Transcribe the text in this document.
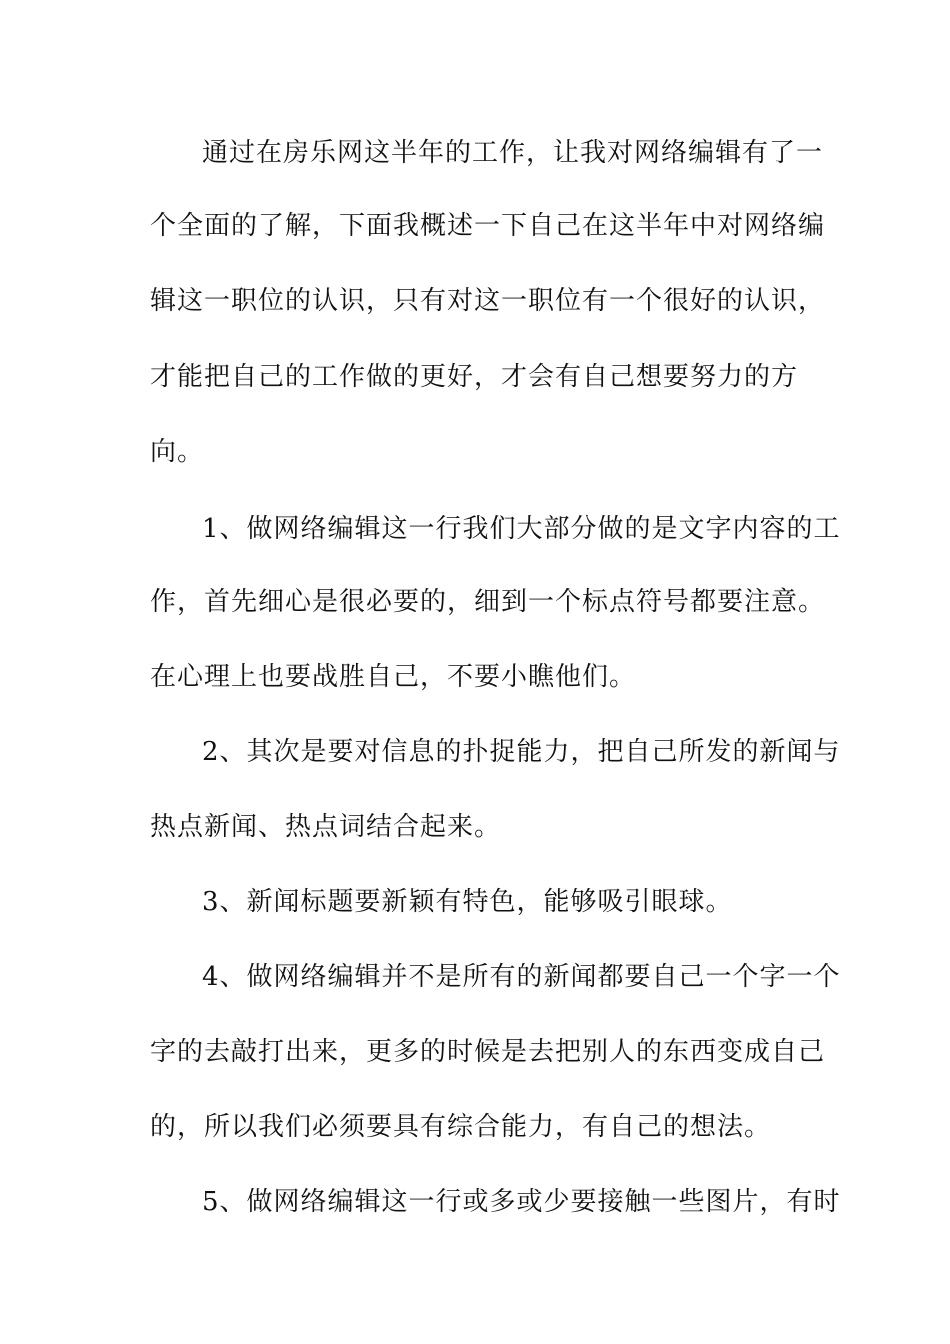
通过在房乐网这半年的工作，让我对网络编辑有了一
个全面的了解，下面我概述一下自己在这半年中对网络编
辑这一职位的认识，只有对这一职位有一个很好的认识，
才能把自己的工作做的更好，才会有自己想要努力的方
向。
1、做网络编辑这一行我们大部分做的是文字内容的工
作，首先细心是很必要的，细到一个标点符号都要注意。
在心理上也要战胜自己，不要小瞧他们。
2、其次是要对信息的扑捉能力，把自己所发的新闻与
热点新闻、热点词结合起来。
3、新闻标题要新颖有特色，能够吸引眼球。
4、做网络编辑并不是所有的新闻都要自己一个字一个
字的去敲打出来，更多的时候是去把别人的东西变成自己
的，所以我们必须要具有综合能力，有自己的想法。
5、做网络编辑这一行或多或少要接触一些图片，有时
